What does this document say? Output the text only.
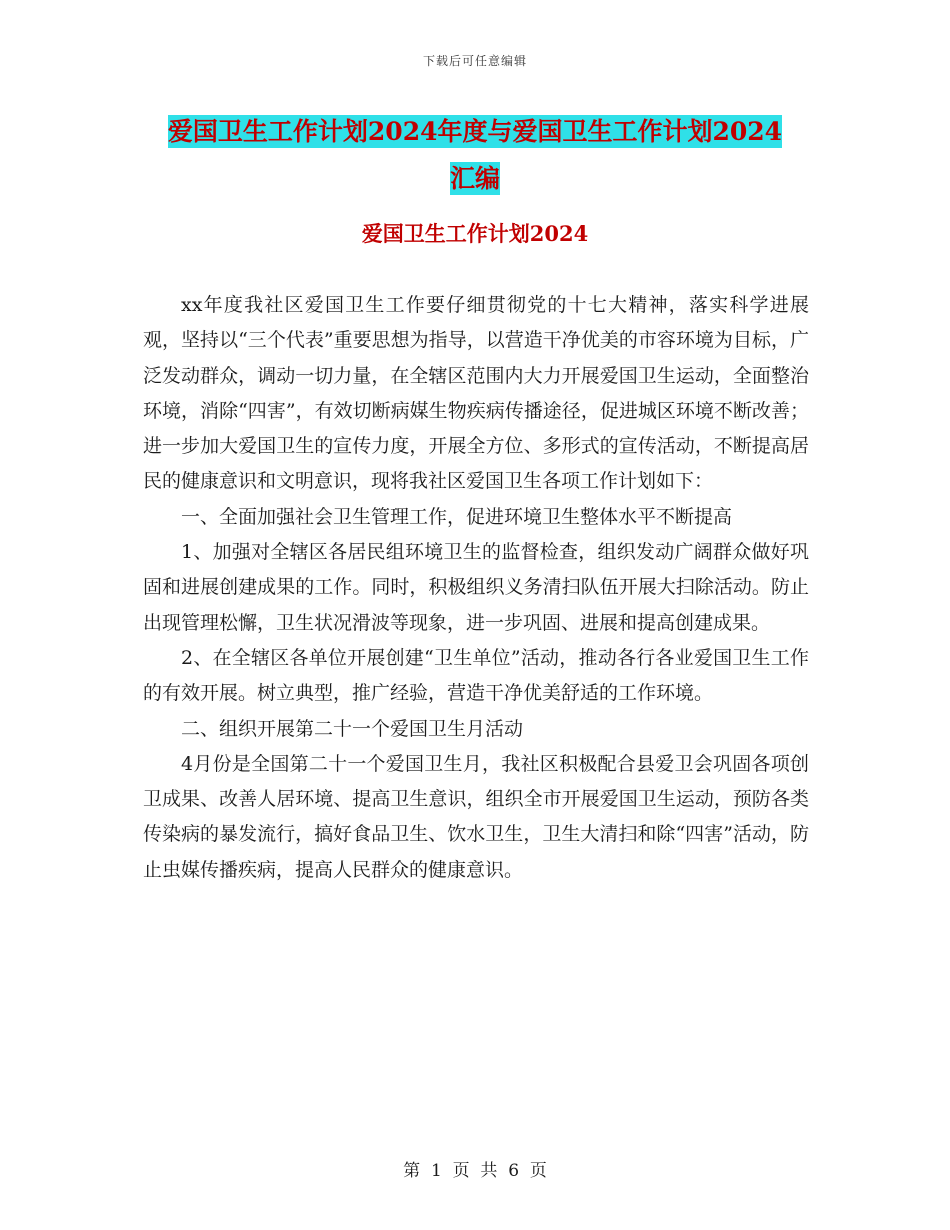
下载后可任意编辑
爱国卫生工作计划2024年度与爱国卫生工作计划2024
汇编
爱国卫生工作计划2024

xx年度我社区爱国卫生工作要仔细贯彻党的十七大精神，落实科学进展观，坚持以“三个代表”重要思想为指导，以营造干净优美的市容环境为目标，广泛发动群众，调动一切力量，在全辖区范围内大力开展爱国卫生运动，全面整治环境，消除“四害”，有效切断病媒生物疾病传播途径，促进城区环境不断改善；进一步加大爱国卫生的宣传力度，开展全方位、多形式的宣传活动，不断提高居民的健康意识和文明意识，现将我社区爱国卫生各项工作计划如下：

一、全面加强社会卫生管理工作，促进环境卫生整体水平不断提高

1、加强对全辖区各居民组环境卫生的监督检查，组织发动广阔群众做好巩固和进展创建成果的工作。同时，积极组织义务清扫队伍开展大扫除活动。防止出现管理松懈，卫生状况滑波等现象，进一步巩固、进展和提高创建成果。

2、在全辖区各单位开展创建“卫生单位”活动，推动各行各业爱国卫生工作的有效开展。树立典型，推广经验，营造干净优美舒适的工作环境。

二、组织开展第二十一个爱国卫生月活动

4月份是全国第二十一个爱国卫生月，我社区积极配合县爱卫会巩固各项创卫成果、改善人居环境、提高卫生意识，组织全市开展爱国卫生运动，预防各类传染病的暴发流行，搞好食品卫生、饮水卫生，卫生大清扫和除“四害”活动，防止虫媒传播疾病，提高人民群众的健康意识。

第  1  页  共  6  页
